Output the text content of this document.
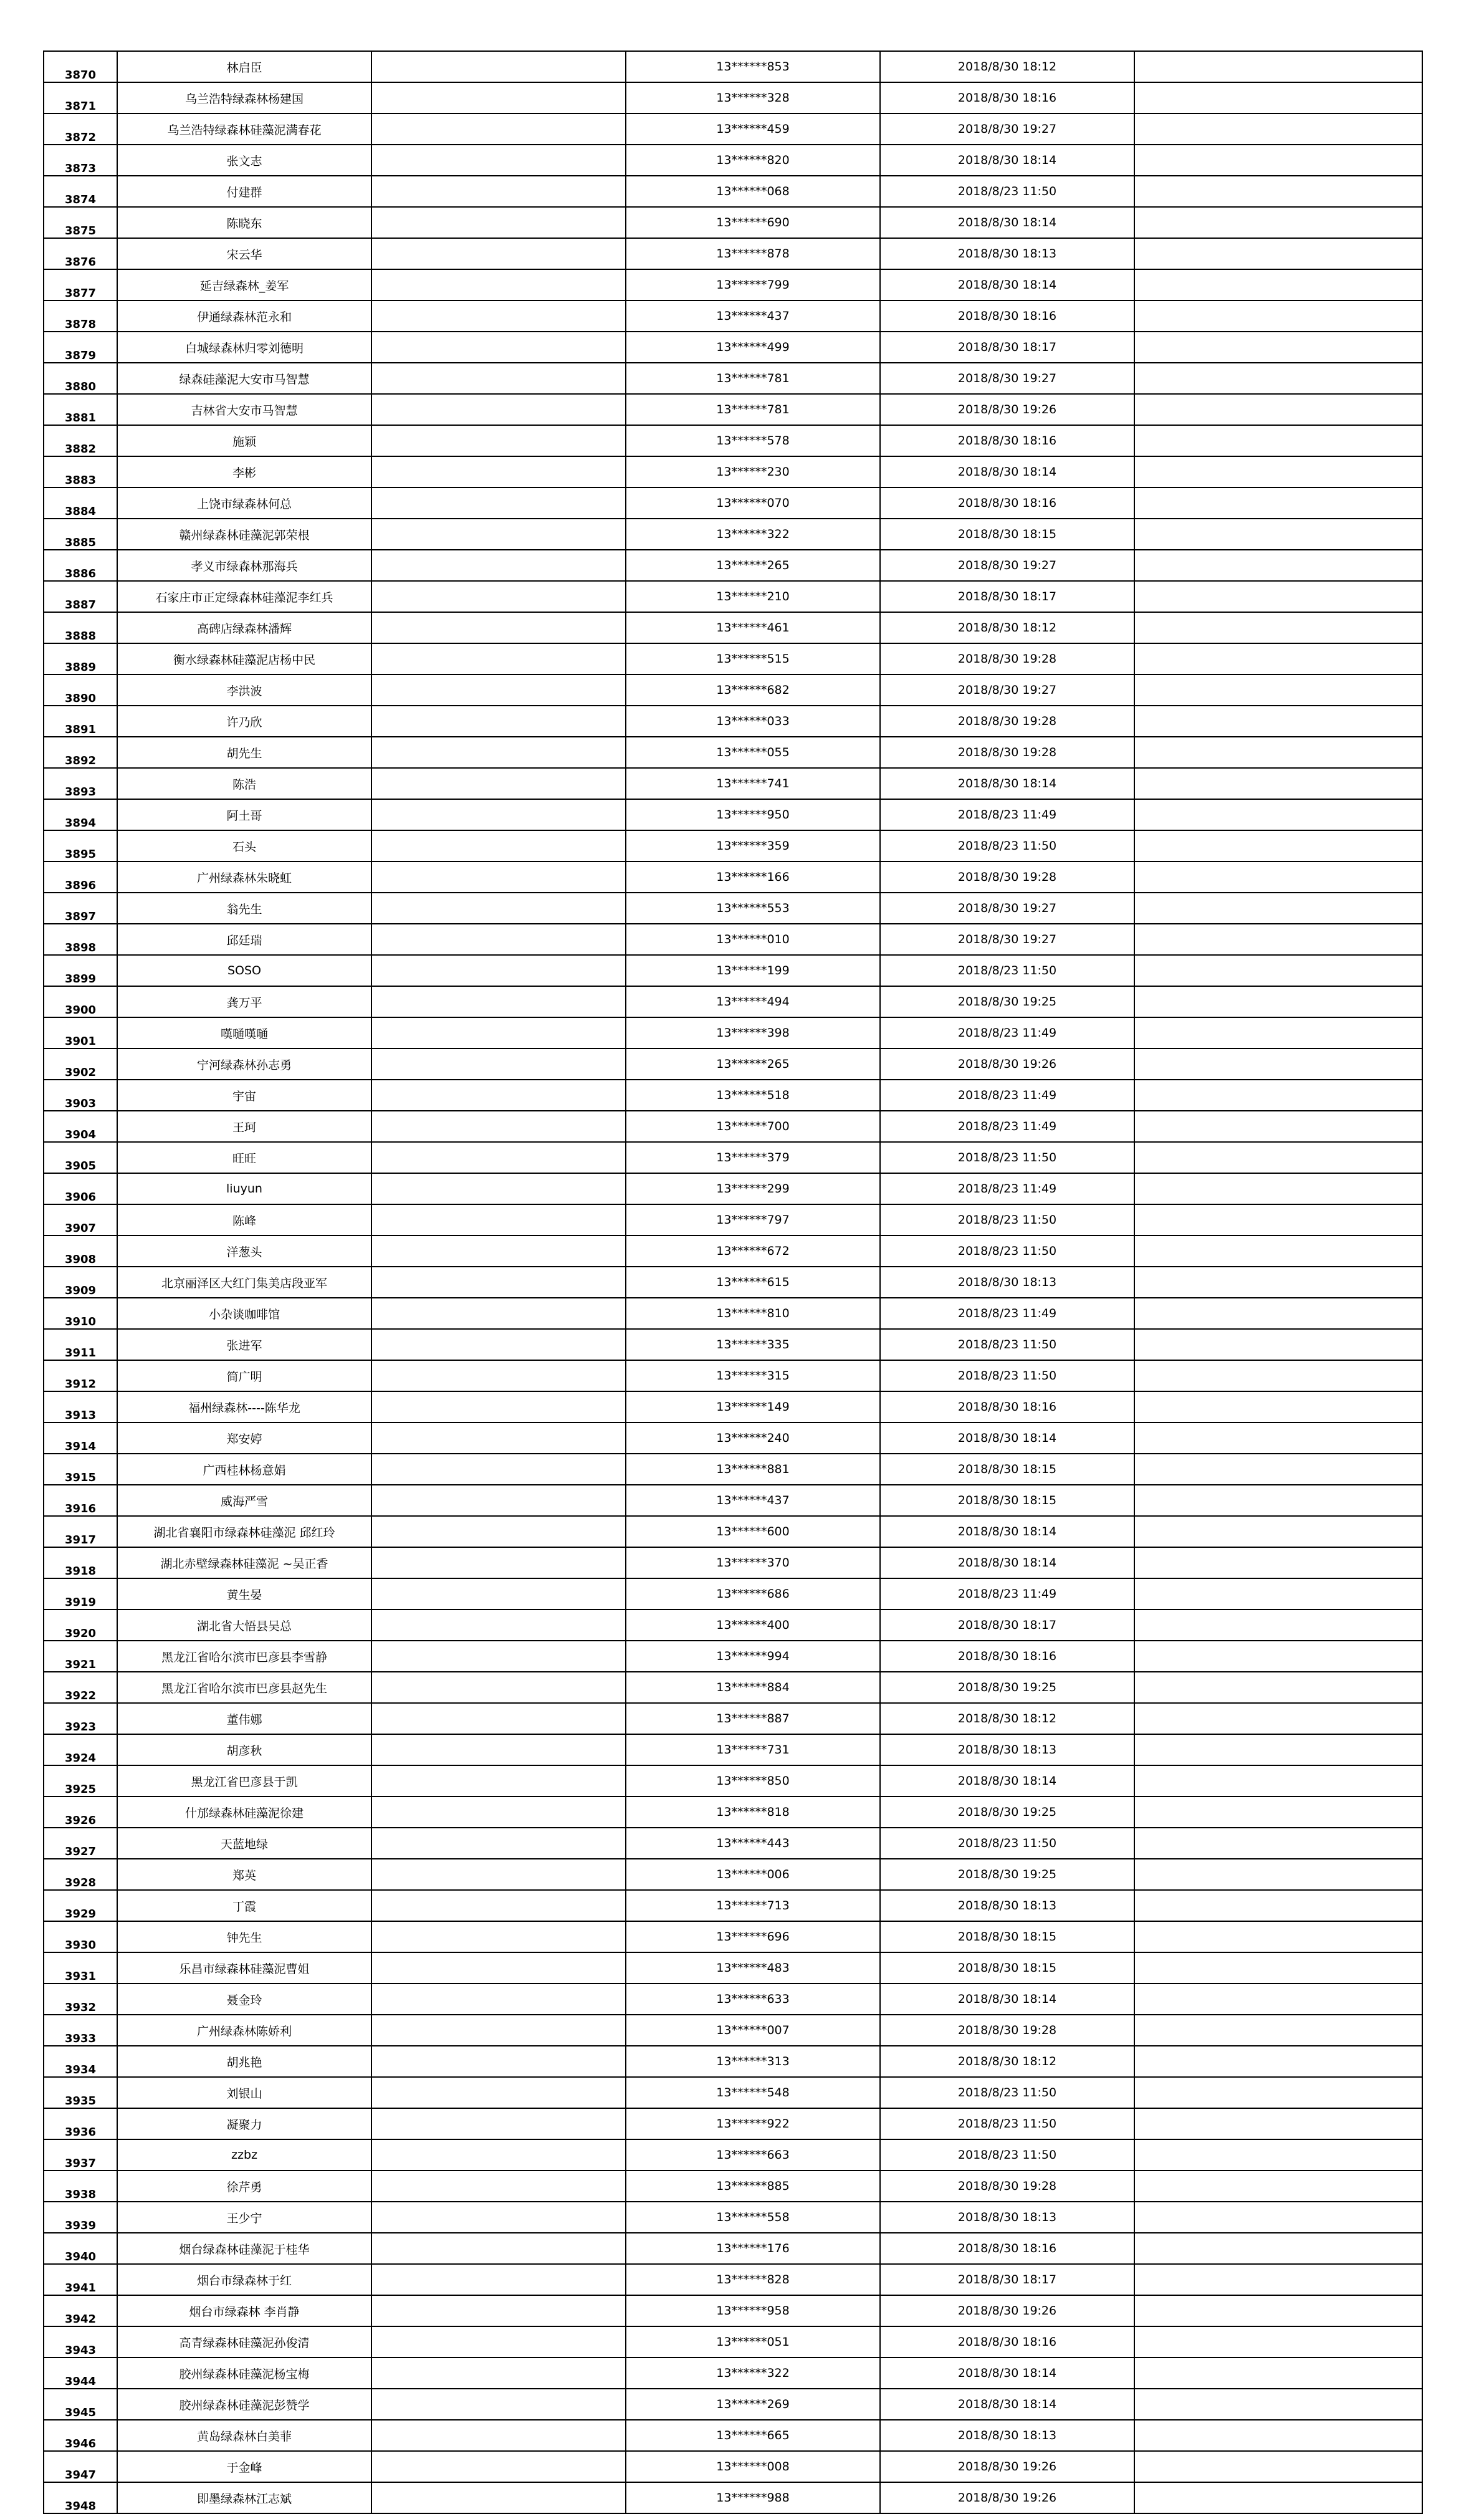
3870	林启臣		13******853	2018/8/30 18:12	
3871	乌兰浩特绿森林杨建国		13******328	2018/8/30 18:16	
3872	乌兰浩特绿森林硅藻泥满春花		13******459	2018/8/30 19:27	
3873	张文志		13******820	2018/8/30 18:14	
3874	付建群		13******068	2018/8/23 11:50	
3875	陈晓东		13******690	2018/8/30 18:14	
3876	宋云华		13******878	2018/8/30 18:13	
3877	延吉绿森林_姜军		13******799	2018/8/30 18:14	
3878	伊通绿森林范永和		13******437	2018/8/30 18:16	
3879	白城绿森林归零刘德明		13******499	2018/8/30 18:17	
3880	绿森硅藻泥大安市马智慧		13******781	2018/8/30 19:27	
3881	吉林省大安市马智慧		13******781	2018/8/30 19:26	
3882	施颖		13******578	2018/8/30 18:16	
3883	李彬		13******230	2018/8/30 18:14	
3884	上饶市绿森林何总		13******070	2018/8/30 18:16	
3885	赣州绿森林硅藻泥郭荣根		13******322	2018/8/30 18:15	
3886	孝义市绿森林那海兵		13******265	2018/8/30 19:27	
3887	石家庄市正定绿森林硅藻泥李红兵		13******210	2018/8/30 18:17	
3888	高碑店绿森林潘辉		13******461	2018/8/30 18:12	
3889	衡水绿森林硅藻泥店杨中民		13******515	2018/8/30 19:28	
3890	李洪波		13******682	2018/8/30 19:27	
3891	许乃欣		13******033	2018/8/30 19:28	
3892	胡先生		13******055	2018/8/30 19:28	
3893	陈浩		13******741	2018/8/30 18:14	
3894	阿土哥		13******950	2018/8/23 11:49	
3895	石头		13******359	2018/8/23 11:50	
3896	广州绿森林朱晓虹		13******166	2018/8/30 19:28	
3897	翁先生		13******553	2018/8/30 19:27	
3898	邱廷瑞		13******010	2018/8/30 19:27	
3899	SOSO		13******199	2018/8/23 11:50	
3900	龚万平		13******494	2018/8/30 19:25	
3901	嘆嗵嘆嗵		13******398	2018/8/23 11:49	
3902	宁河绿森林孙志勇		13******265	2018/8/30 19:26	
3903	宇宙		13******518	2018/8/23 11:49	
3904	王珂		13******700	2018/8/23 11:49	
3905	旺旺		13******379	2018/8/23 11:50	
3906	liuyun		13******299	2018/8/23 11:49	
3907	陈峰		13******797	2018/8/23 11:50	
3908	洋葱头		13******672	2018/8/23 11:50	
3909	北京丽泽区大红门集美店段亚军		13******615	2018/8/30 18:13	
3910	小杂谈咖啡馆		13******810	2018/8/23 11:49	
3911	张进军		13******335	2018/8/23 11:50	
3912	简广明		13******315	2018/8/23 11:50	
3913	福州绿森林----陈华龙		13******149	2018/8/30 18:16	
3914	郑安婷		13******240	2018/8/30 18:14	
3915	广西桂林杨意娟		13******881	2018/8/30 18:15	
3916	威海严雪		13******437	2018/8/30 18:15	
3917	湖北省襄阳市绿森林硅藻泥 邱红玲		13******600	2018/8/30 18:14	
3918	湖北赤壁绿森林硅藻泥 ~吴正香		13******370	2018/8/30 18:14	
3919	黄生晏		13******686	2018/8/23 11:49	
3920	湖北省大悟县吴总		13******400	2018/8/30 18:17	
3921	黑龙江省哈尔滨市巴彦县李雪静		13******994	2018/8/30 18:16	
3922	黑龙江省哈尔滨市巴彦县赵先生		13******884	2018/8/30 19:25	
3923	董伟娜		13******887	2018/8/30 18:12	
3924	胡彦秋		13******731	2018/8/30 18:13	
3925	黑龙江省巴彦县于凯		13******850	2018/8/30 18:14	
3926	什邡绿森林硅藻泥徐建		13******818	2018/8/30 19:25	
3927	天蓝地绿		13******443	2018/8/23 11:50	
3928	郑英		13******006	2018/8/30 19:25	
3929	丁霞		13******713	2018/8/30 18:13	
3930	钟先生		13******696	2018/8/30 18:15	
3931	乐昌市绿森林硅藻泥曹姐		13******483	2018/8/30 18:15	
3932	聂金玲		13******633	2018/8/30 18:14	
3933	广州绿森林陈娇利		13******007	2018/8/30 19:28	
3934	胡兆艳		13******313	2018/8/30 18:12	
3935	刘银山		13******548	2018/8/23 11:50	
3936	凝聚力		13******922	2018/8/23 11:50	
3937	zzbz		13******663	2018/8/23 11:50	
3938	徐芹勇		13******885	2018/8/30 19:28	
3939	王少宁		13******558	2018/8/30 18:13	
3940	烟台绿森林硅藻泥于桂华		13******176	2018/8/30 18:16	
3941	烟台市绿森林于红		13******828	2018/8/30 18:17	
3942	烟台市绿森林 李肖静		13******958	2018/8/30 19:26	
3943	高青绿森林硅藻泥孙俊清		13******051	2018/8/30 18:16	
3944	胶州绿森林硅藻泥杨宝梅		13******322	2018/8/30 18:14	
3945	胶州绿森林硅藻泥彭赞学		13******269	2018/8/30 18:14	
3946	黄岛绿森林白美菲		13******665	2018/8/30 18:13	
3947	于金峰		13******008	2018/8/30 19:26	
3948	即墨绿森林江志斌		13******988	2018/8/30 19:26	
